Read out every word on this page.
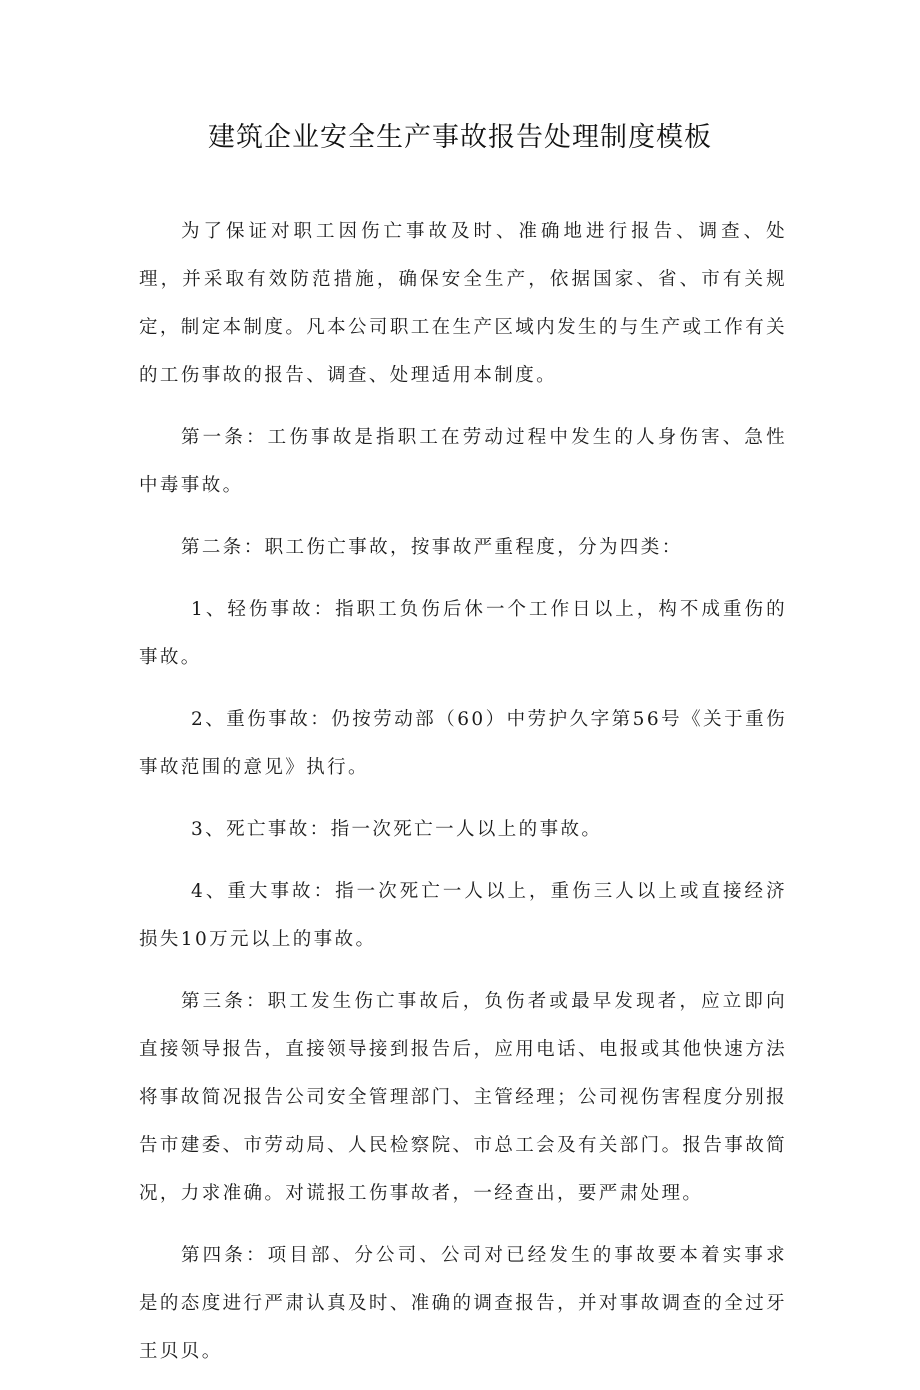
建筑企业安全生产事故报告处理制度模板

为了保证对职工因伤亡事故及时、准确地进行报告、调查、处理，并采取有效防范措施，确保安全生产，依据国家、省、市有关规定，制定本制度。凡本公司职工在生产区域内发生的与生产或工作有关的工伤事故的报告、调查、处理适用本制度。

第一条：工伤事故是指职工在劳动过程中发生的人身伤害、急性中毒事故。

第二条：职工伤亡事故，按事故严重程度，分为四类：

1、轻伤事故：指职工负伤后休一个工作日以上，构不成重伤的事故。

2、重伤事故：仍按劳动部（60）中劳护久字第56号《关于重伤事故范围的意见》执行。

3、死亡事故：指一次死亡一人以上的事故。

4、重大事故：指一次死亡一人以上，重伤三人以上或直接经济损失10万元以上的事故。

第三条：职工发生伤亡事故后，负伤者或最早发现者，应立即向直接领导报告，直接领导接到报告后，应用电话、电报或其他快速方法将事故简况报告公司安全管理部门、主管经理；公司视伤害程度分别报告市建委、市劳动局、人民检察院、市总工会及有关部门。报告事故简况，力求准确。对谎报工伤事故者，一经查出，要严肃处理。

第四条：项目部、分公司、公司对已经发生的事故要本着实事求是的态度进行严肃认真及时、准确的调查报告，并对事故调查的全过牙王贝贝。
